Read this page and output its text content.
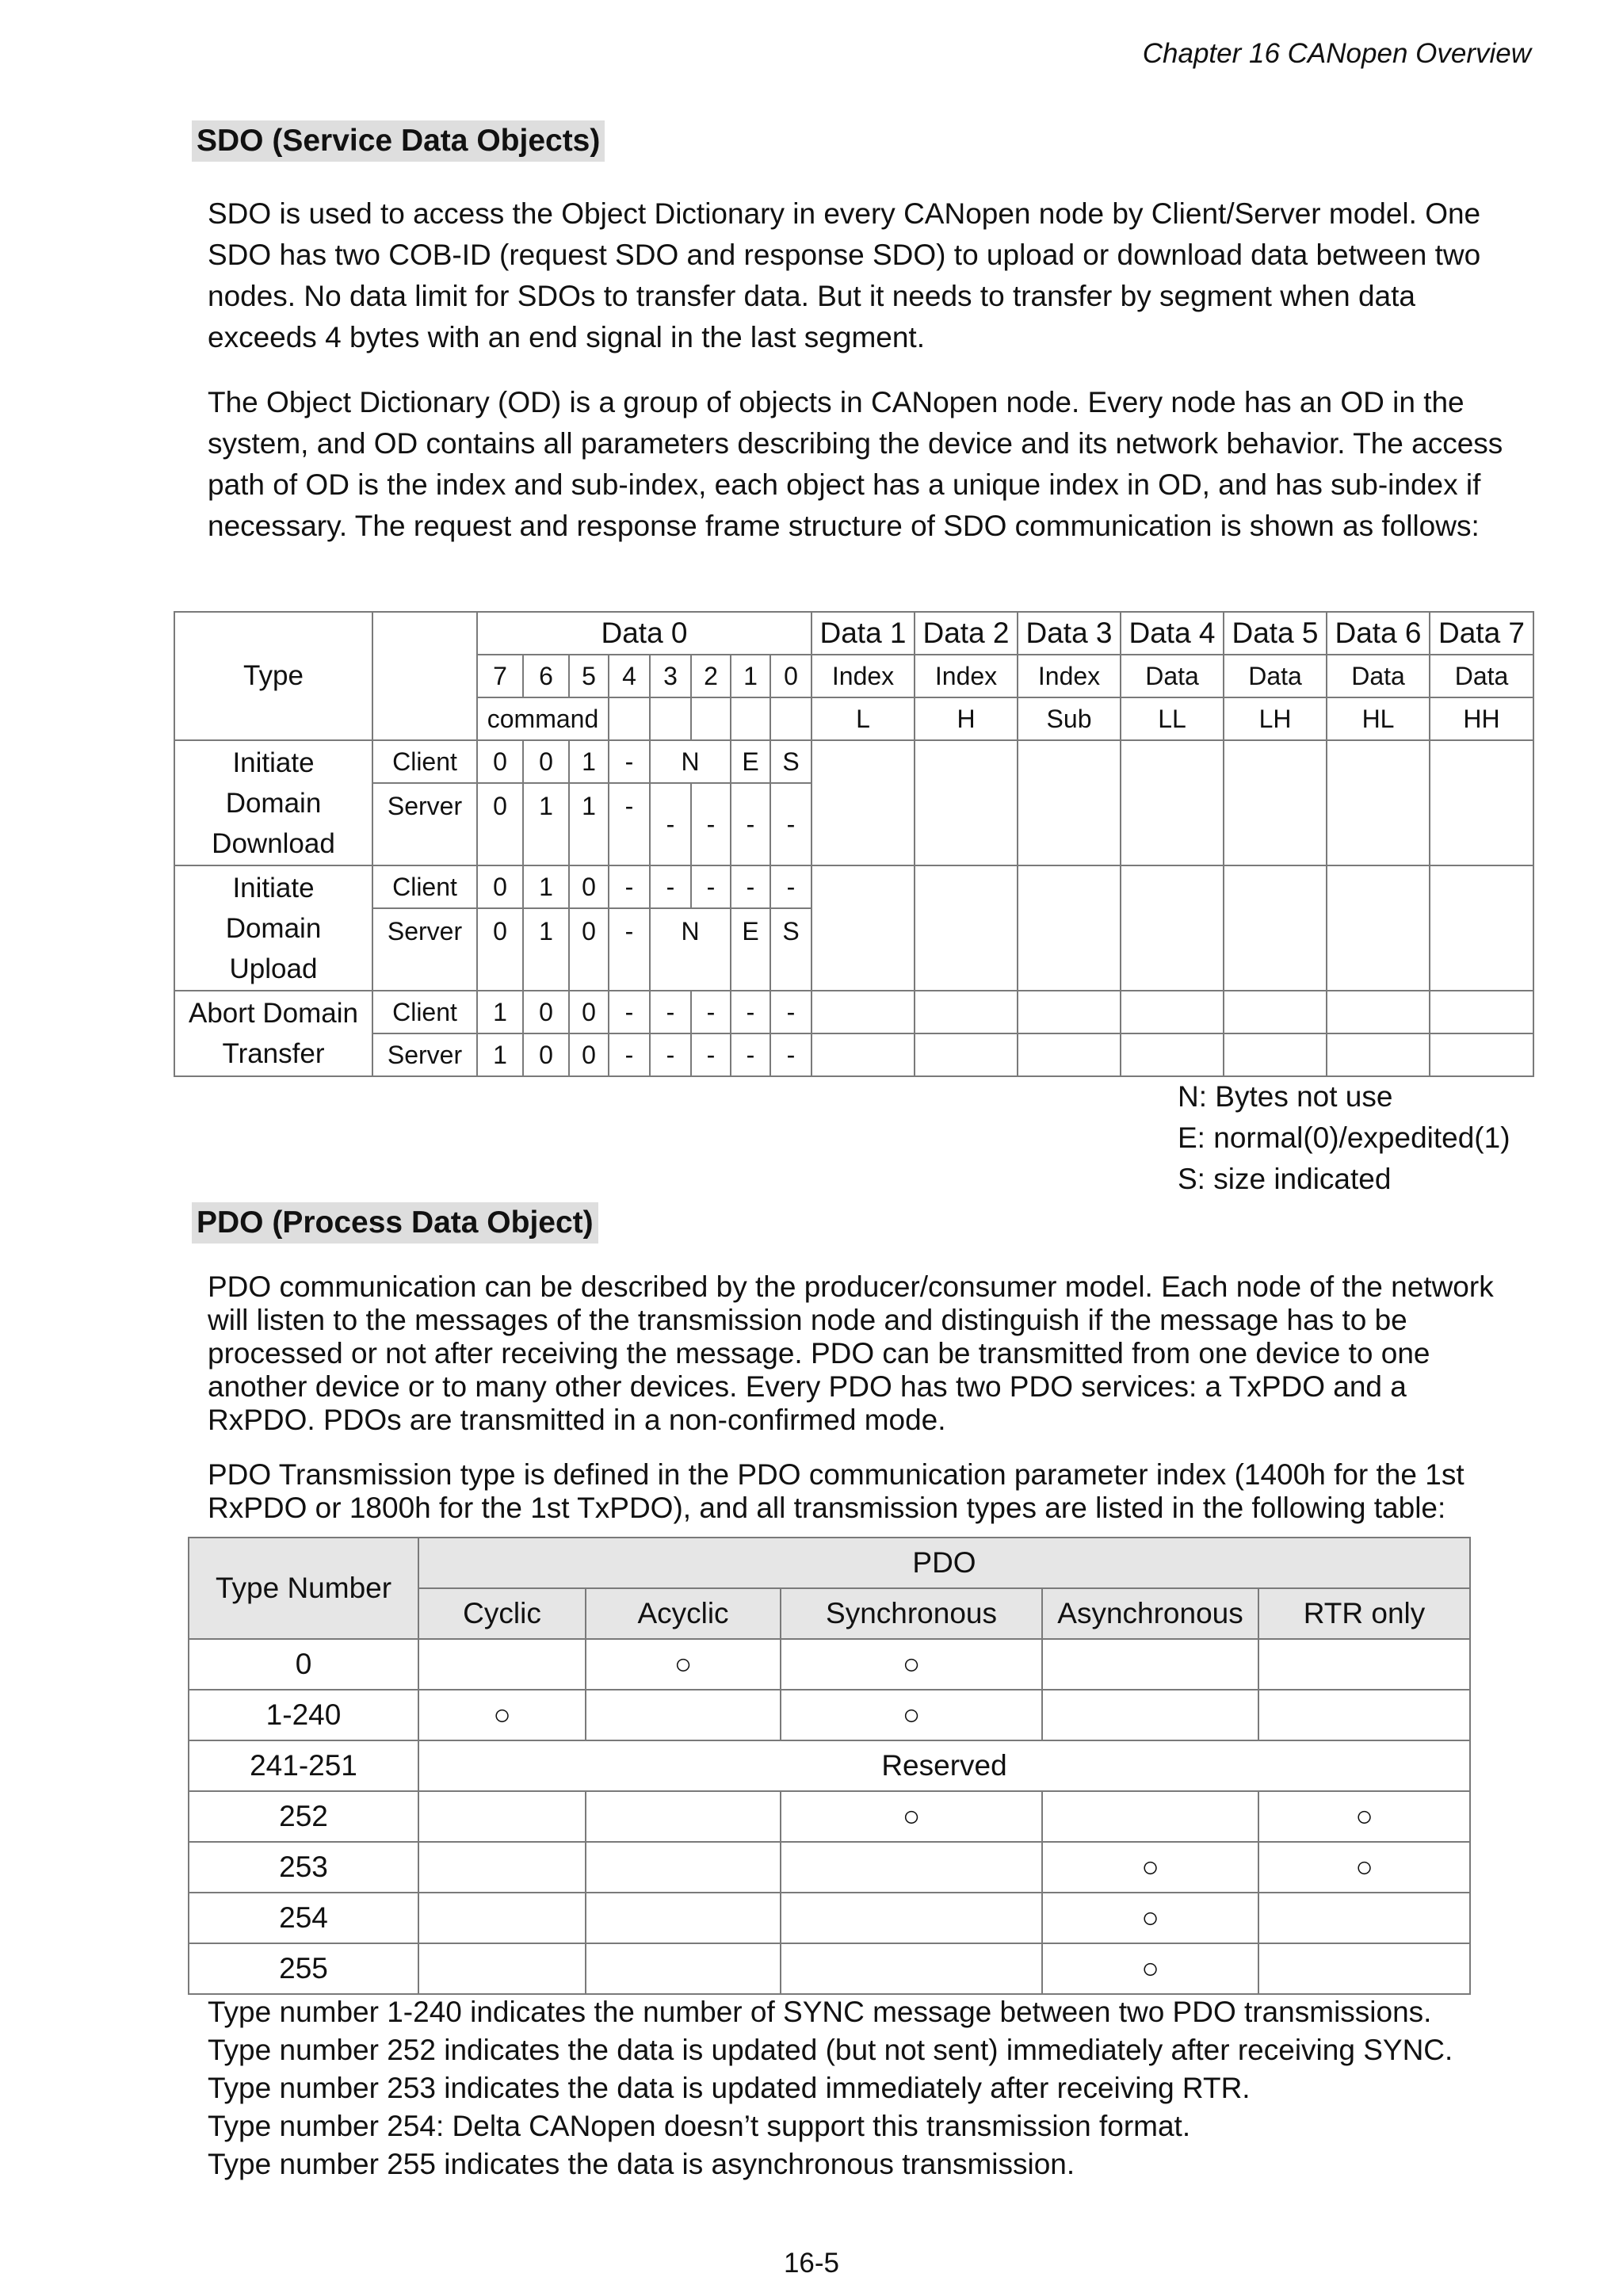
Chapter 16 CANopen Overview
SDO (Service Data Objects)
SDO is used to access the Object Dictionary in every CANopen node by Client/Server model. One
SDO has two COB-ID (request SDO and response SDO) to upload or download data between two
nodes. No data limit for SDOs to transfer data. But it needs to transfer by segment when data
exceeds 4 bytes with an end signal in the last segment.
The Object Dictionary (OD) is a group of objects in CANopen node. Every node has an OD in the
system, and OD contains all parameters describing the device and its network behavior. The access
path of OD is the index and sub-index, each object has a unique index in OD, and has sub-index if
necessary. The request and response frame structure of SDO communication is shown as follows:
Type		Data 0								Data 1	Data 2	Data 3	Data 4	Data 5	Data 6	Data 7
		7	6	5	4	3	2	1	0	Index	Index	Index	Data	Data	Data	Data
		command								L	H	Sub	LL	LH	HL	HH

Initiate
Domain
Download	Client	0	0	1	-	N		E	S							
	Server	0	1	1	-	-	-	-	-							

Initiate
Domain
Upload	Client	0	1	0	-	-	-	-	-							
	Server	0	1	0	-	N		E	S							

Abort Domain
Transfer	Client	1	0	0	-	-	-	-	-							
	Server	1	0	0	-	-	-	-	-							
N: Bytes not use
E: normal(0)/expedited(1)
S: size indicated
PDO (Process Data Object)
PDO communication can be described by the producer/consumer model. Each node of the network
will listen to the messages of the transmission node and distinguish if the message has to be
processed or not after receiving the message. PDO can be transmitted from one device to one
another device or to many other devices. Every PDO has two PDO services: a TxPDO and a
RxPDO. PDOs are transmitted in a non-confirmed mode.
PDO Transmission type is defined in the PDO communication parameter index (1400h for the 1st
RxPDO or 1800h for the 1st TxPDO), and all transmission types are listed in the following table:
Type Number	PDO				
	Cyclic	Acyclic	Synchronous	Asynchronous	RTR only
0		○	○		
1-240	○		○		
241-251	Reserved				
252			○		○
253				○	○
254				○	
255				○	
Type number 1-240 indicates the number of SYNC message between two PDO transmissions.
Type number 252 indicates the data is updated (but not sent) immediately after receiving SYNC.
Type number 253 indicates the data is updated immediately after receiving RTR.
Type number 254: Delta CANopen doesn’t support this transmission format.
Type number 255 indicates the data is asynchronous transmission.
16-5
